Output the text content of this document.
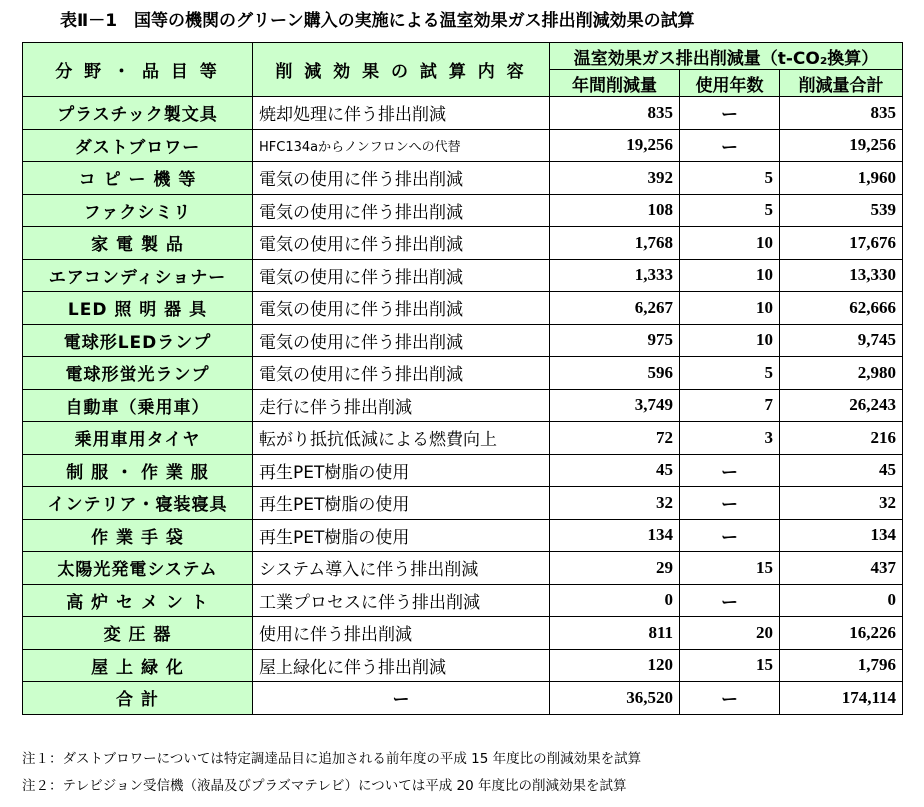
表Ⅱ－1　国等の機関のグリーン購入の実施による温室効果ガス排出削減効果の試算
分 野 ・ 品 目 等	削 減 効 果 の 試 算 内 容	温室効果ガス排出削減量（t-CO₂換算）		
		年間削減量	使用年数	削減量合計
プラスチック製文具	焼却処理に伴う排出削減	835	ー	835
ダストブロワー	HFC134aからノンフロンへの代替	19,256	ー	19,256
コ ピ ー 機 等	電気の使用に伴う排出削減	392	5	1,960
ファクシミリ	電気の使用に伴う排出削減	108	5	539
家 電 製 品	電気の使用に伴う排出削減	1,768	10	17,676
エアコンディショナー	電気の使用に伴う排出削減	1,333	10	13,330
LED 照 明 器 具	電気の使用に伴う排出削減	6,267	10	62,666
電球形LEDランプ	電気の使用に伴う排出削減	975	10	9,745
電球形蛍光ランプ	電気の使用に伴う排出削減	596	5	2,980
自動車（乗用車）	走行に伴う排出削減	3,749	7	26,243
乗用車用タイヤ	転がり抵抗低減による燃費向上	72	3	216
制 服 ・ 作 業 服	再生PET樹脂の使用	45	ー	45
インテリア・寝装寝具	再生PET樹脂の使用	32	ー	32
作 業 手 袋	再生PET樹脂の使用	134	ー	134
太陽光発電システム	システム導入に伴う排出削減	29	15	437
高 炉 セ メ ン ト	工業プロセスに伴う排出削減	0	ー	0
変 圧 器	使用に伴う排出削減	811	20	16,226
屋 上 緑 化	屋上緑化に伴う排出削減	120	15	1,796
合 計	ー	36,520	ー	174,114
注１：ダストブロワーについては特定調達品目に追加される前年度の平成 15 年度比の削減効果を試算
注２：テレビジョン受信機（液晶及びプラズマテレビ）については平成 20 年度比の削減効果を試算
